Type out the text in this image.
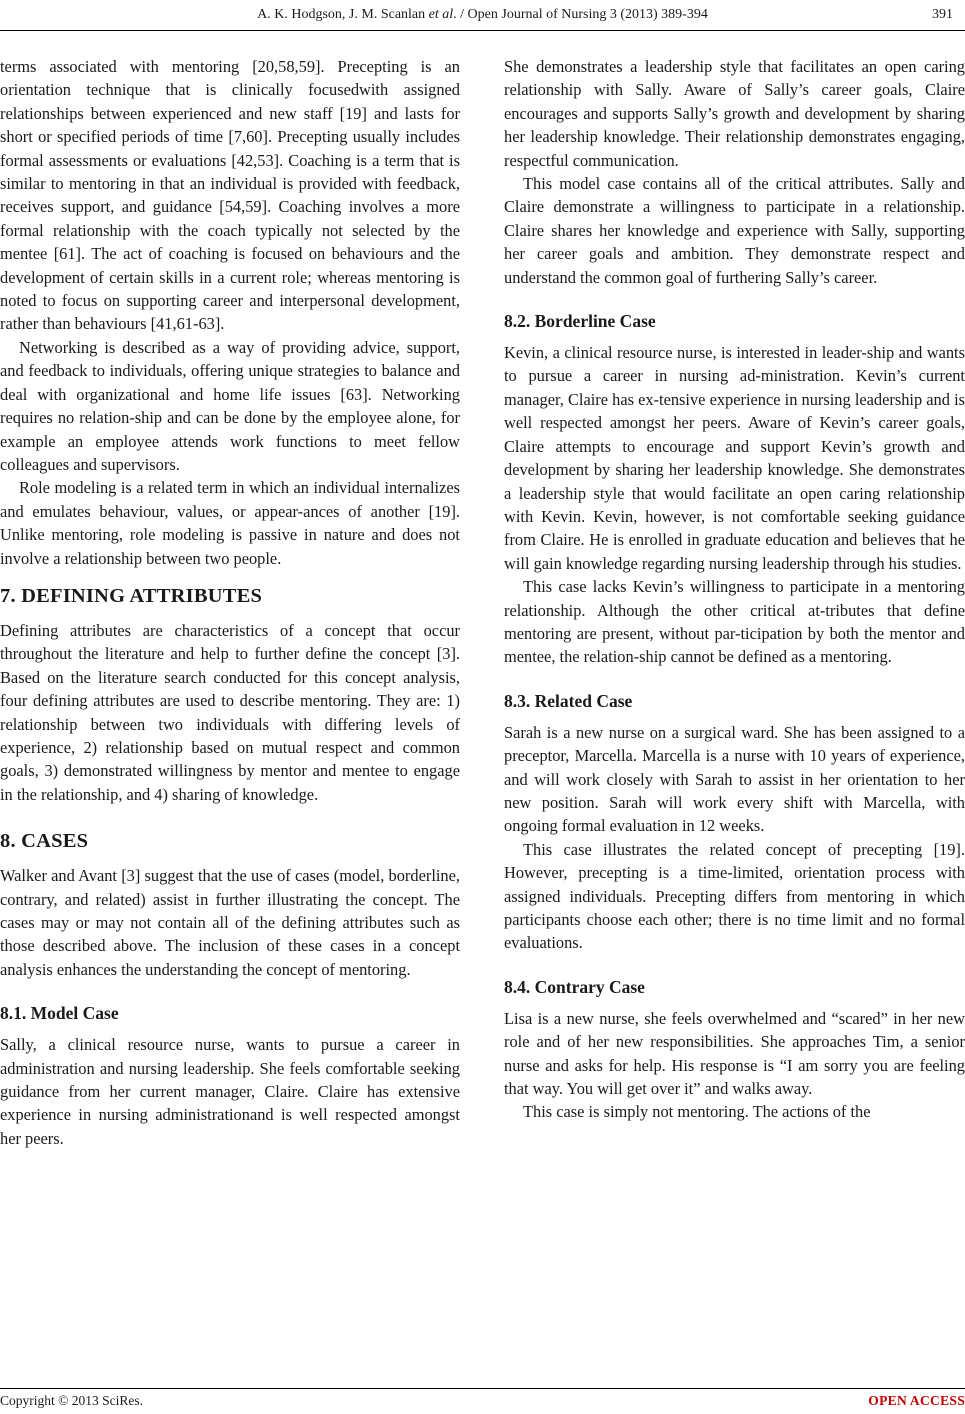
A. K. Hodgson, J. M. Scanlan et al. / Open Journal of Nursing 3 (2013) 389-394	391

terms associated with mentoring [20,58,59]. Precepting is an orientation technique that is clinically focusedwith assigned relationships between experienced and new staff [19] and lasts for short or specified periods of time [7,60]. Precepting usually includes formal assessments or evaluations [42,53]. Coaching is a term that is similar to mentoring in that an individual is provided with feedback, receives support, and guidance [54,59]. Coaching involves a more formal relationship with the coach typically not selected by the mentee [61]. The act of coaching is focused on behaviours and the development of certain skills in a current role; whereas mentoring is noted to focus on supporting career and interpersonal development, rather than behaviours [41,61-63].

Networking is described as a way of providing advice, support, and feedback to individuals, offering unique strategies to balance and deal with organizational and home life issues [63]. Networking requires no relation-ship and can be done by the employee alone, for example an employee attends work functions to meet fellow colleagues and supervisors.

Role modeling is a related term in which an individual internalizes and emulates behaviour, values, or appear-ances of another [19]. Unlike mentoring, role modeling is passive in nature and does not involve a relationship between two people.

7. DEFINING ATTRIBUTES

Defining attributes are characteristics of a concept that occur throughout the literature and help to further define the concept [3]. Based on the literature search conducted for this concept analysis, four defining attributes are used to describe mentoring. They are: 1) relationship between two individuals with differing levels of experience, 2) relationship based on mutual respect and common goals, 3) demonstrated willingness by mentor and mentee to engage in the relationship, and 4) sharing of knowledge.

8. CASES

Walker and Avant [3] suggest that the use of cases (model, borderline, contrary, and related) assist in further illustrating the concept. The cases may or may not contain all of the defining attributes such as those described above. The inclusion of these cases in a concept analysis enhances the understanding the concept of mentoring.

8.1. Model Case

Sally, a clinical resource nurse, wants to pursue a career in administration and nursing leadership. She feels comfortable seeking guidance from her current manager, Claire. Claire has extensive experience in nursing administrationand is well respected amongst her peers.

She demonstrates a leadership style that facilitates an open caring relationship with Sally. Aware of Sally’s career goals, Claire encourages and supports Sally’s growth and development by sharing her leadership knowledge. Their relationship demonstrates engaging, respectful communication.

This model case contains all of the critical attributes. Sally and Claire demonstrate a willingness to participate in a relationship. Claire shares her knowledge and experience with Sally, supporting her career goals and ambition. They demonstrate respect and understand the common goal of furthering Sally’s career.

8.2. Borderline Case

Kevin, a clinical resource nurse, is interested in leader-ship and wants to pursue a career in nursing ad-ministration. Kevin’s current manager, Claire has ex-tensive experience in nursing leadership and is well respected amongst her peers. Aware of Kevin’s career goals, Claire attempts to encourage and support Kevin’s growth and development by sharing her leadership knowledge. She demonstrates a leadership style that would facilitate an open caring relationship with Kevin. Kevin, however, is not comfortable seeking guidance from Claire. He is enrolled in graduate education and believes that he will gain knowledge regarding nursing leadership through his studies.

This case lacks Kevin’s willingness to participate in a mentoring relationship. Although the other critical at-tributes that define mentoring are present, without par-ticipation by both the mentor and mentee, the relation-ship cannot be defined as a mentoring.

8.3. Related Case

Sarah is a new nurse on a surgical ward. She has been assigned to a preceptor, Marcella. Marcella is a nurse with 10 years of experience, and will work closely with Sarah to assist in her orientation to her new position. Sarah will work every shift with Marcella, with ongoing formal evaluation in 12 weeks.

This case illustrates the related concept of precepting [19]. However, precepting is a time-limited, orientation process with assigned individuals. Precepting differs from mentoring in which participants choose each other; there is no time limit and no formal evaluations.

8.4. Contrary Case

Lisa is a new nurse, she feels overwhelmed and “scared” in her new role and of her new responsibilities. She approaches Tim, a senior nurse and asks for help. His response is “I am sorry you are feeling that way. You will get over it” and walks away.

This case is simply not mentoring. The actions of the

Copyright © 2013 SciRes.	OPEN ACCESS
